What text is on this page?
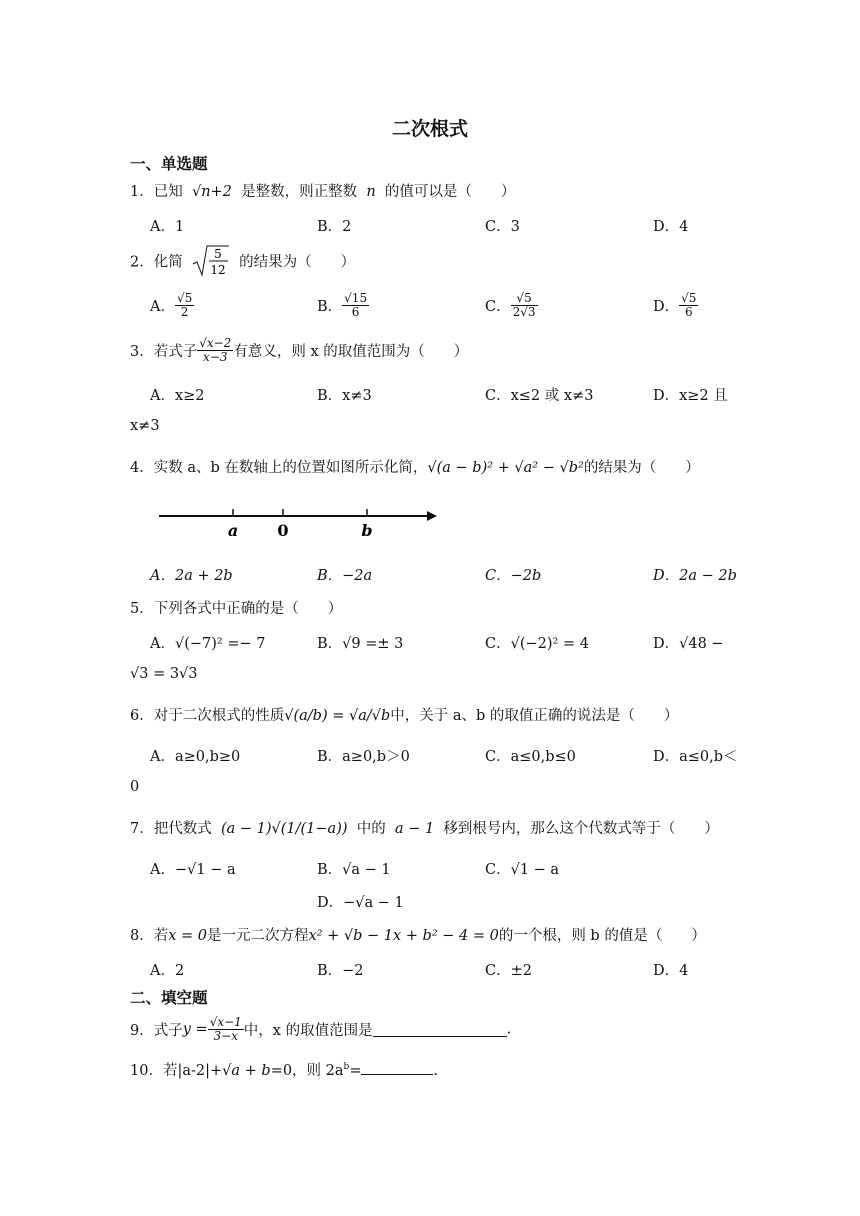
二次根式
一、单选题
1．已知 √n+2 是整数，则正整数 n 的值可以是（　　）
A．1	B．2	C．3	D．4
2．化简
5
12 的结果为（　　）
A． $\frac{√5}{2}$	B． $\frac{√15}{6}$	C． $\frac{√5}{2√3}$	D． $\frac{√5}{6}$
3．若式子 $\frac{√x-2}{x-3}$ 有意义，则 x 的取值范围为（　　）
A．x≥2	B．x≠3	C．x≤2 或 x≠3	D．x≥2 且
x≠3
4．实数 a、b 在数轴上的位置如图所示化简，√(a − b)² + √a² − √b²的结果为（　　）
a 0	b
A．2a + 2b	B．−2a	C．−2b	D．2a − 2b
5．下列各式中正确的是（　　）
A．√(−7)² =− 7	B．√9 =± 3	C．√(−2)² = 4	D．√48 −
√3 = 3√3
6．对于二次根式的性质√(a/b) = √a/√b中，关于 a、b 的取值正确的说法是（　　）
A．a≥0,b≥0	B．a≥0,b＞0	C．a≤0,b≤0	D．a≤0,b＜
0
7．把代数式 (a − 1)√(1/(1−a)) 中的 a − 1 移到根号内，那么这个代数式等于（　　）
A．−√1 − a	B．√a − 1	C．√1 − a
D．−√a − 1
8．若x = 0是一元二次方程x² + √b − 1x + b² − 4 = 0的一个根，则 b 的值是（　　）
A．2	B．−2	C．±2	D．4
二、填空题
9．式子$y = \frac{√x-1}{3-x}$ 中，x 的取值范围是	.
10．若|a-2|+√a + b=0，则 $2a^b=$	.
